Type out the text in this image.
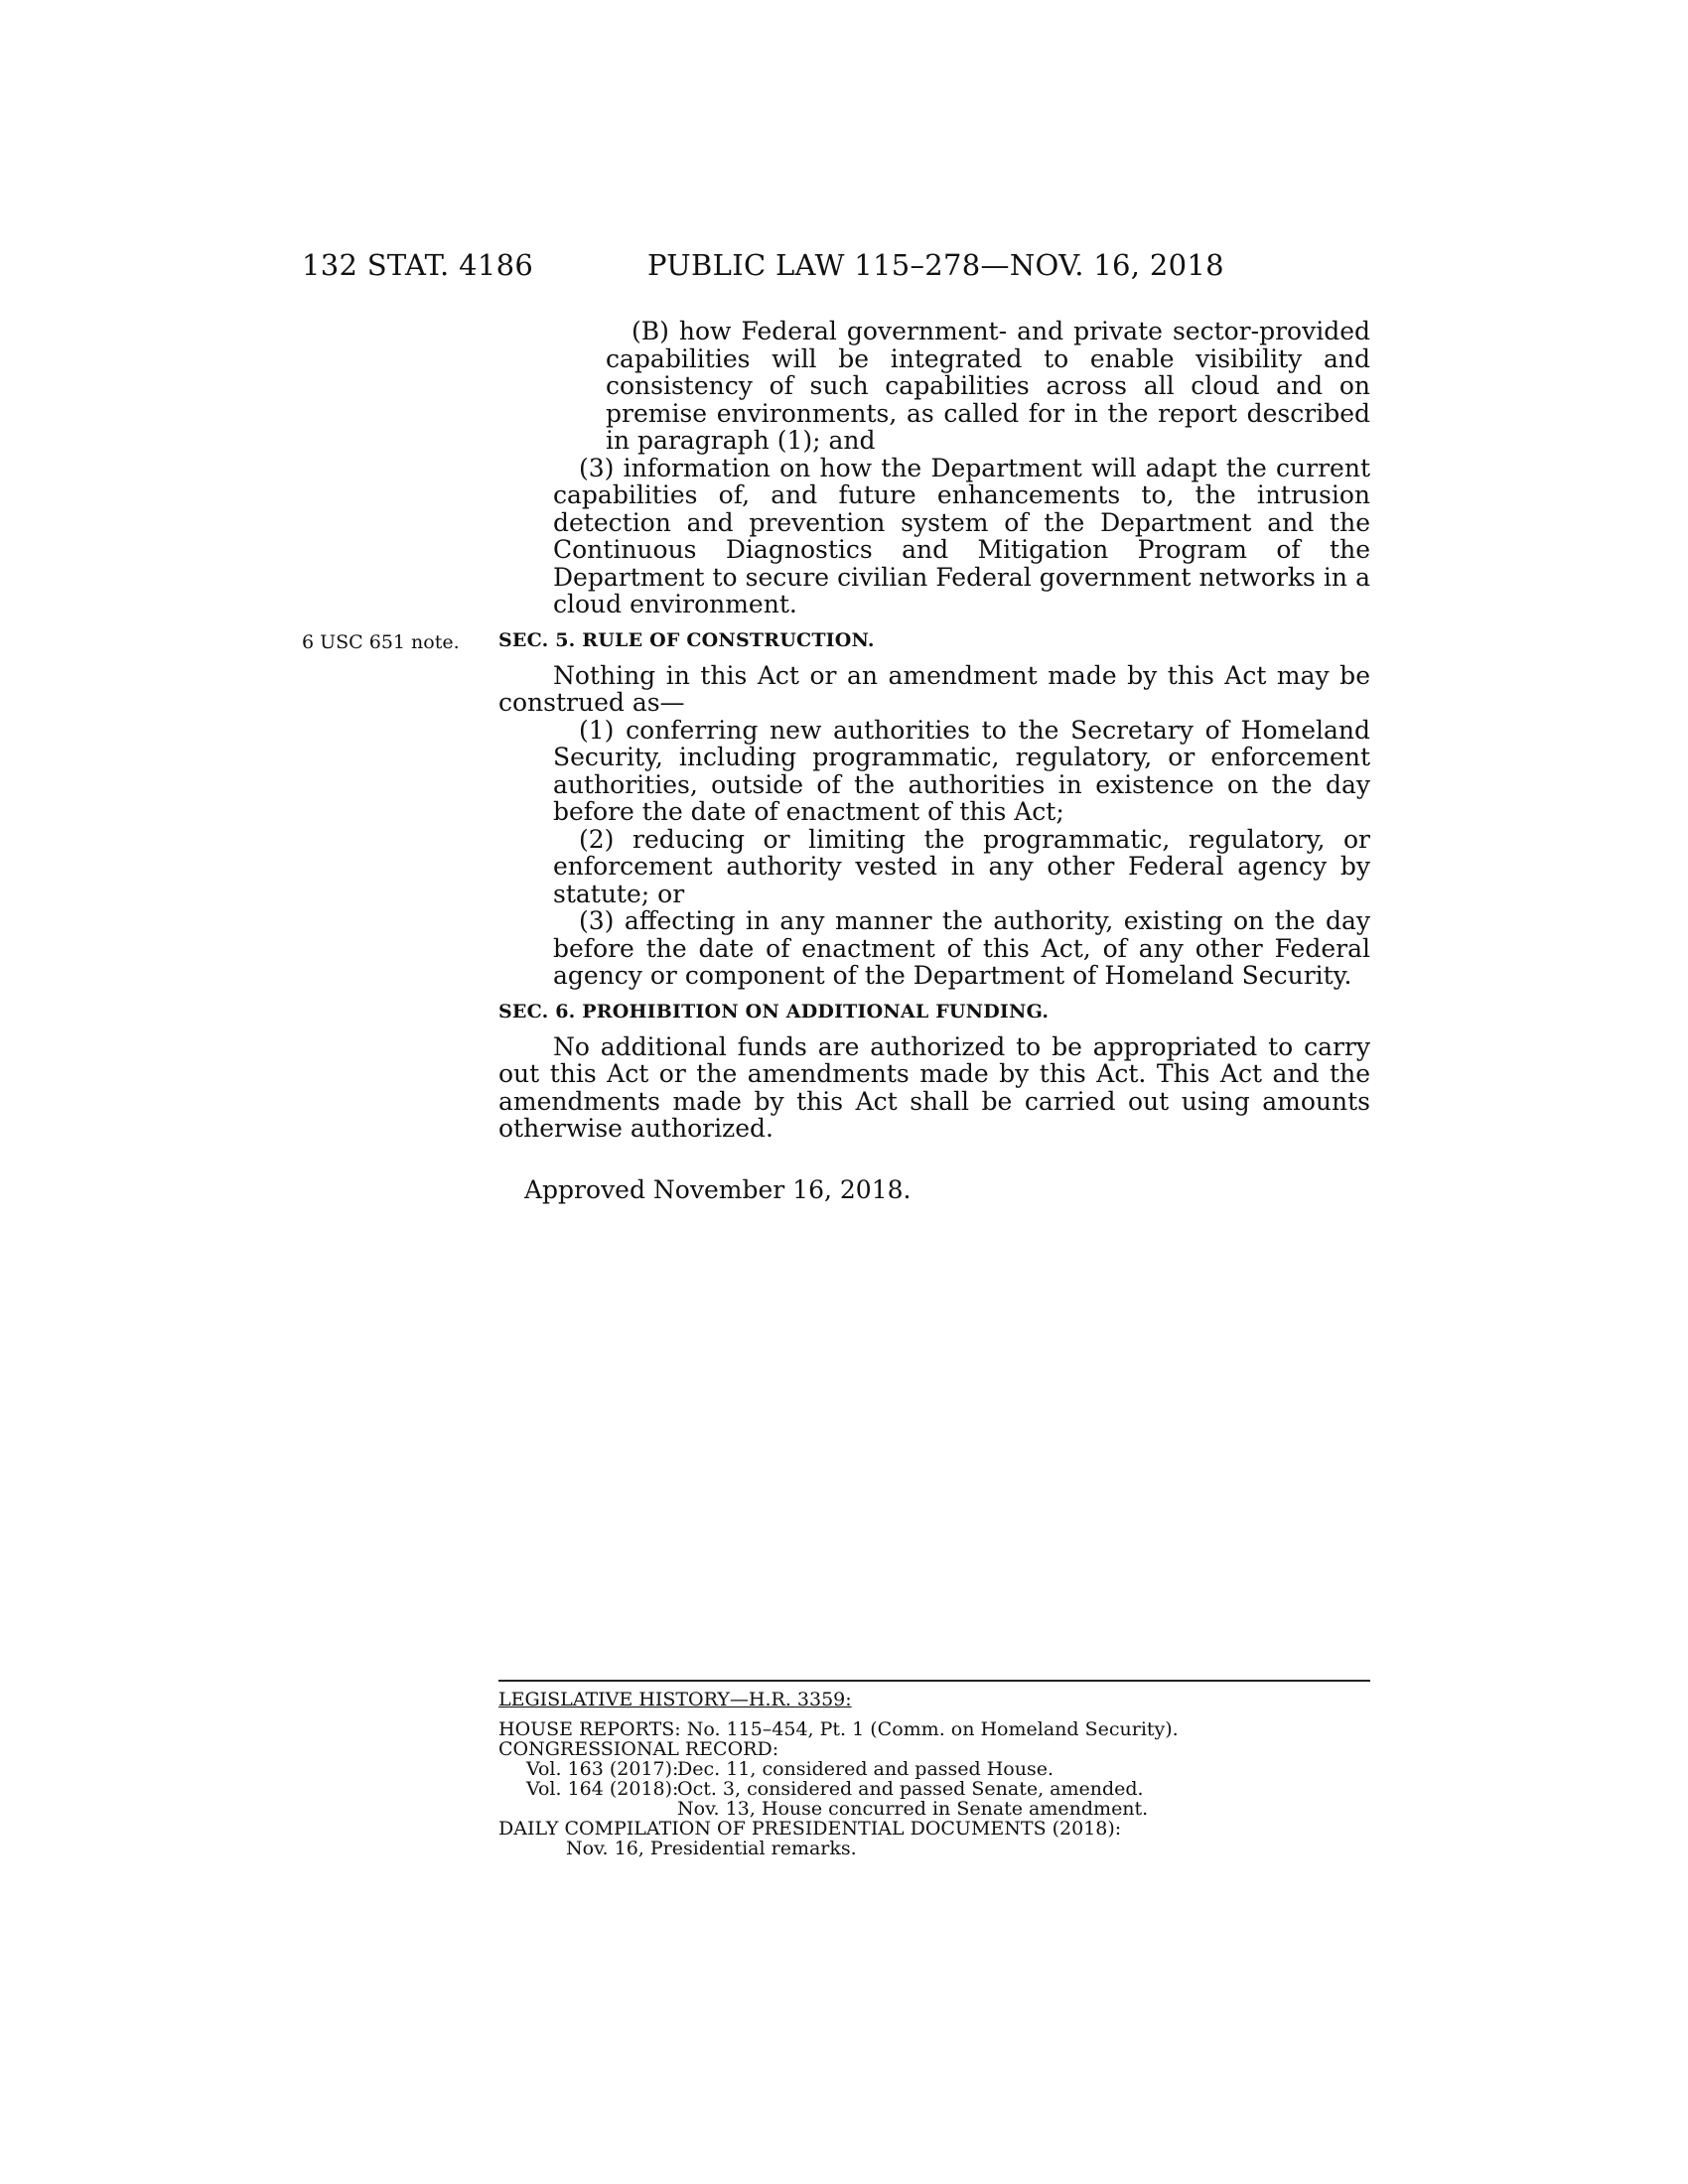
132 STAT. 4186	PUBLIC LAW 115–278—NOV. 16, 2018
6 USC 651 note.

(B) how Federal government- and private sector-provided capabilities will be integrated to enable visibility and consistency of such capabilities across all cloud and on premise environments, as called for in the report described in paragraph (1); and

(3) information on how the Department will adapt the current capabilities of, and future enhancements to, the intrusion detection and prevention system of the Department and the Continuous Diagnostics and Mitigation Program of the Department to secure civilian Federal government networks in a cloud environment.

SEC. 5. RULE OF CONSTRUCTION.

Nothing in this Act or an amendment made by this Act may be construed as—

(1) conferring new authorities to the Secretary of Homeland Security, including programmatic, regulatory, or enforcement authorities, outside of the authorities in existence on the day before the date of enactment of this Act;

(2) reducing or limiting the programmatic, regulatory, or enforcement authority vested in any other Federal agency by statute; or

(3) affecting in any manner the authority, existing on the day before the date of enactment of this Act, of any other Federal agency or component of the Department of Homeland Security.

SEC. 6. PROHIBITION ON ADDITIONAL FUNDING.

No additional funds are authorized to be appropriated to carry out this Act or the amendments made by this Act. This Act and the amendments made by this Act shall be carried out using amounts otherwise authorized.

Approved November 16, 2018.

LEGISLATIVE HISTORY—H.R. 3359:
HOUSE REPORTS: No. 115–454, Pt. 1 (Comm. on Homeland Security).
CONGRESSIONAL RECORD:
Vol. 163 (2017):Dec. 11, considered and passed House.
Vol. 164 (2018):Oct. 3, considered and passed Senate, amended.
Nov. 13, House concurred in Senate amendment.
DAILY COMPILATION OF PRESIDENTIAL DOCUMENTS (2018):
Nov. 16, Presidential remarks.
